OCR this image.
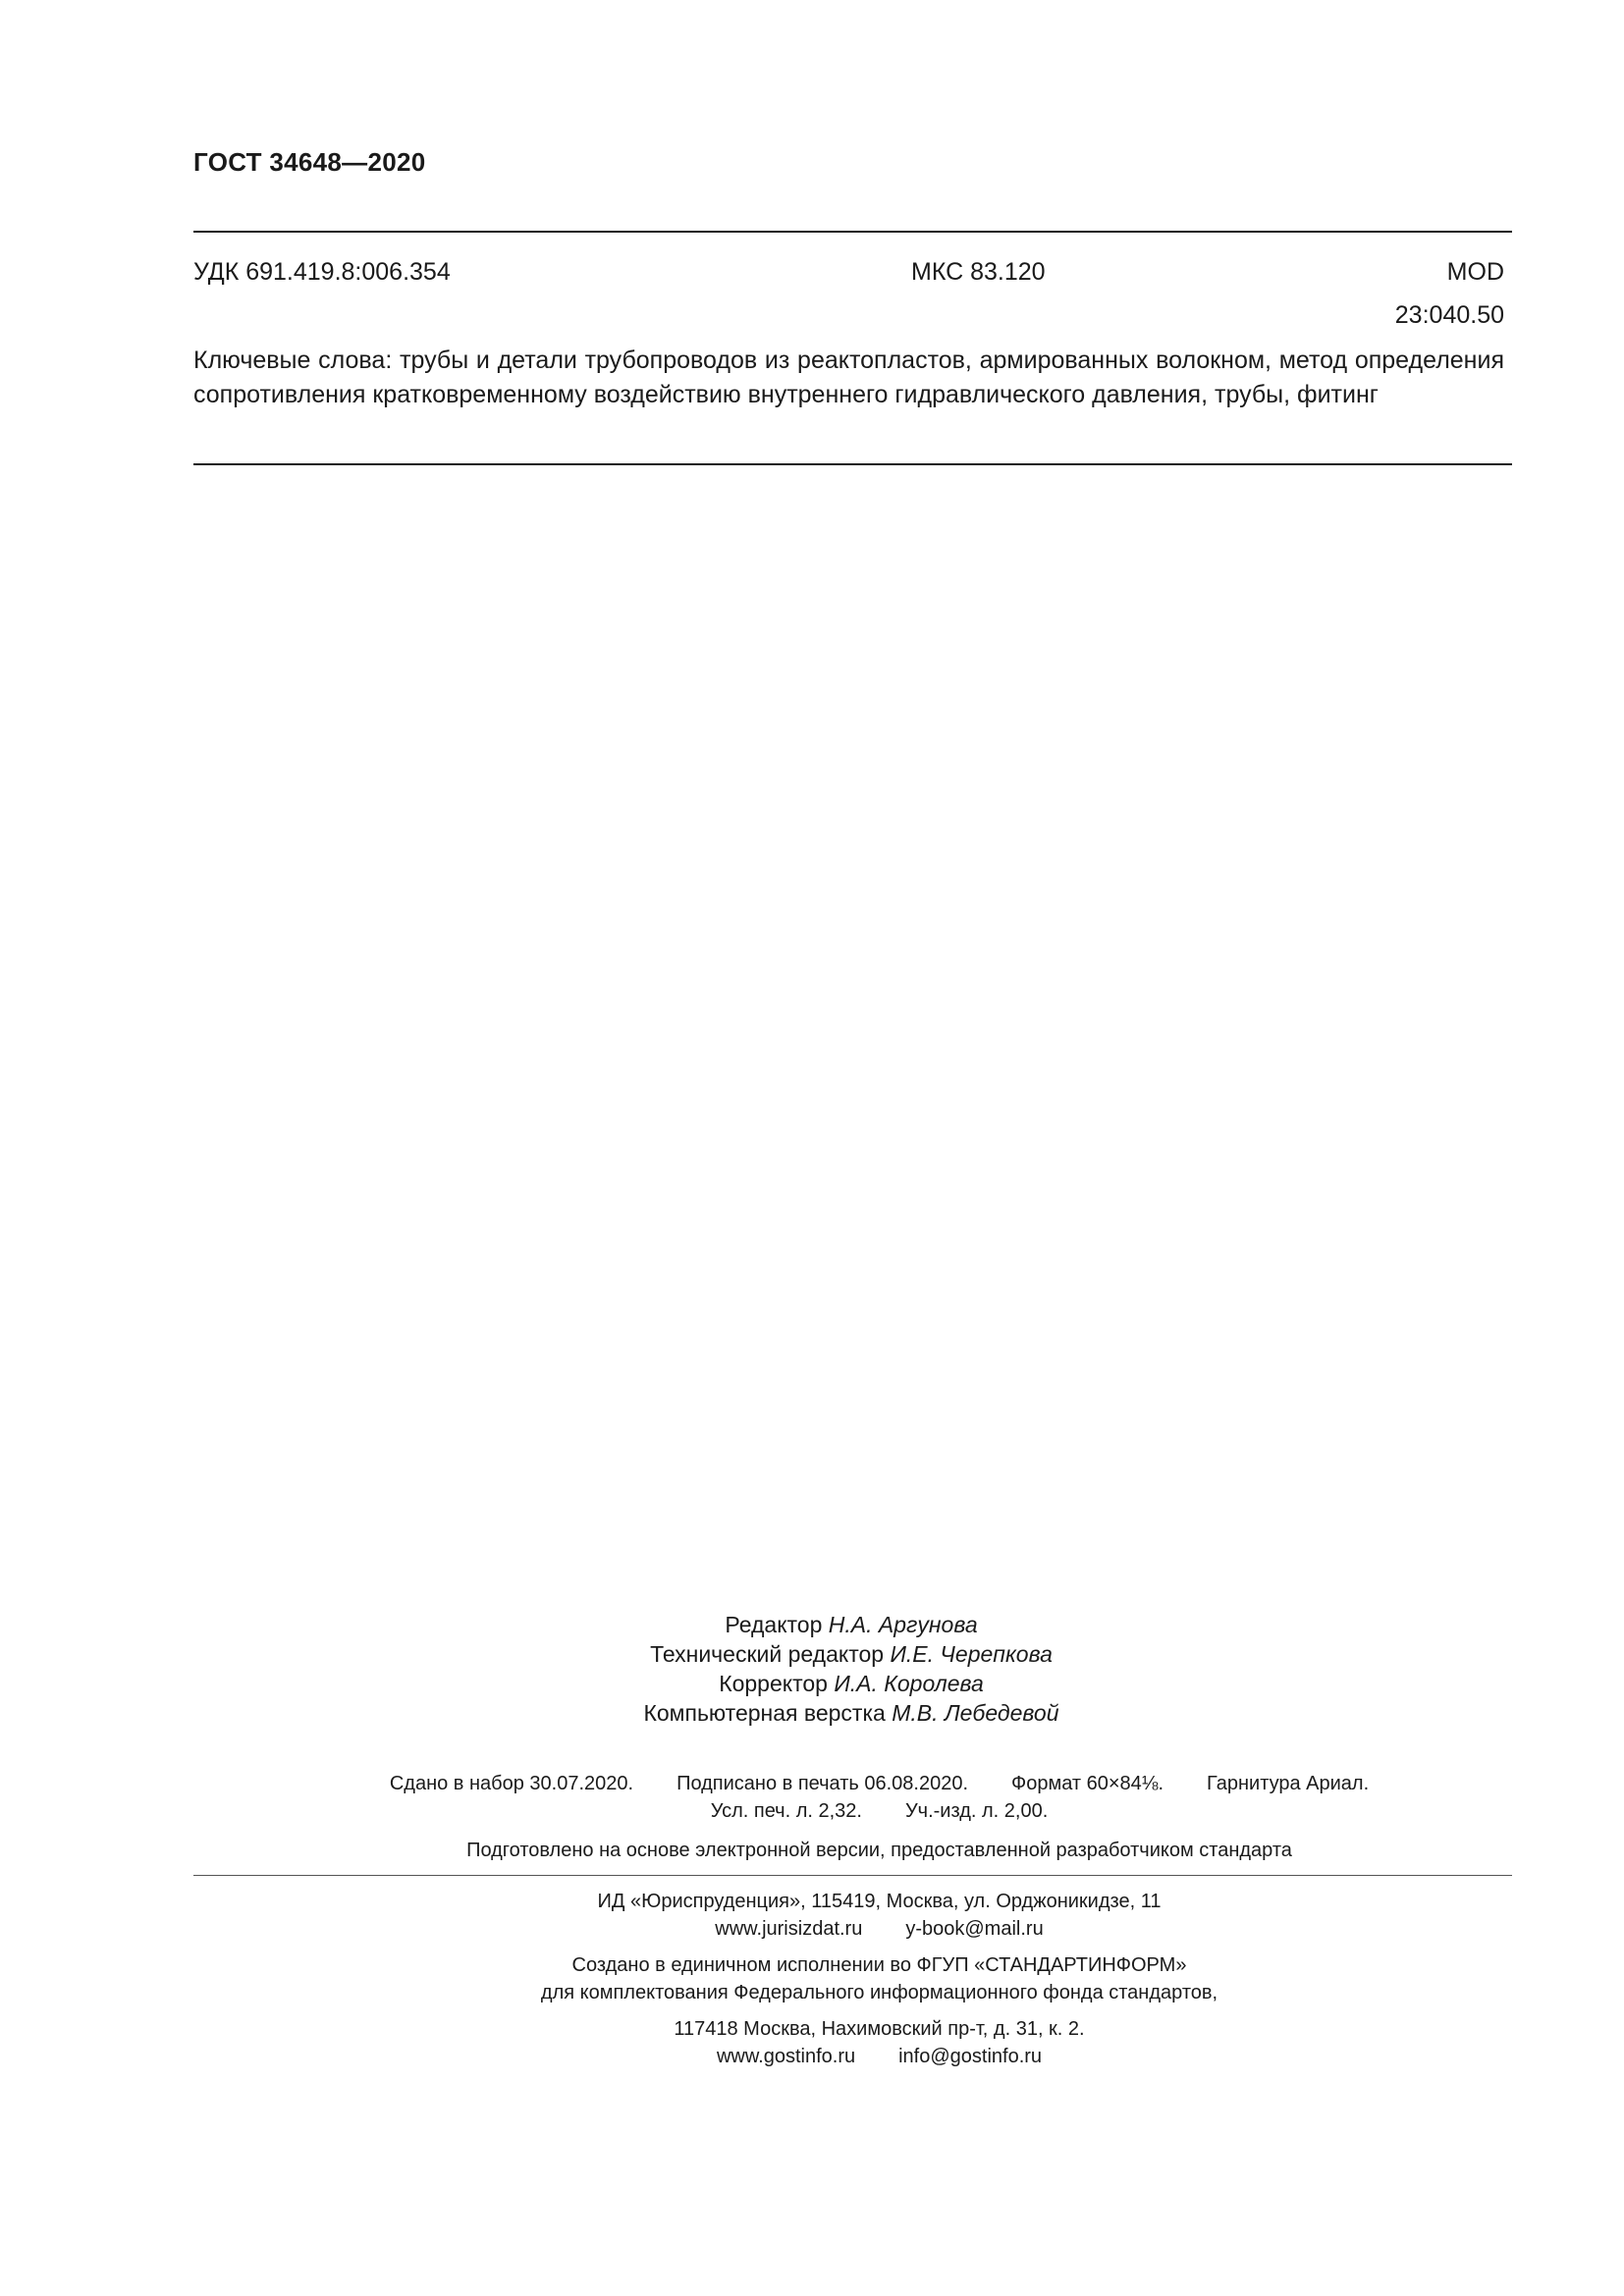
ГОСТ 34648—2020
УДК 691.419.8:006.354	МКС 83.120	MOD
23:040.50
Ключевые слова: трубы и детали трубопроводов из реактопластов, армированных волокном, метод определения сопротивления кратковременному воздействию внутреннего гидравлического давления, трубы, фитинг
Редактор Н.А. Аргунова
Технический редактор И.Е. Черепкова
Корректор И.А. Королева
Компьютерная верстка М.В. Лебедевой
Сдано в набор 30.07.2020. Подписано в печать 06.08.2020. Формат 60×84⅛. Гарнитура Ариал.
Усл. печ. л. 2,32. Уч.-изд. л. 2,00.
Подготовлено на основе электронной версии, предоставленной разработчиком стандарта
ИД «Юриспруденция», 115419, Москва, ул. Орджоникидзе, 11
www.jurisizdat.ru y-book@mail.ru
Создано в единичном исполнении во ФГУП «СТАНДАРТИНФОРМ»
для комплектования Федерального информационного фонда стандартов,
117418 Москва, Нахимовский пр-т, д. 31, к. 2.
www.gostinfo.ru info@gostinfo.ru
